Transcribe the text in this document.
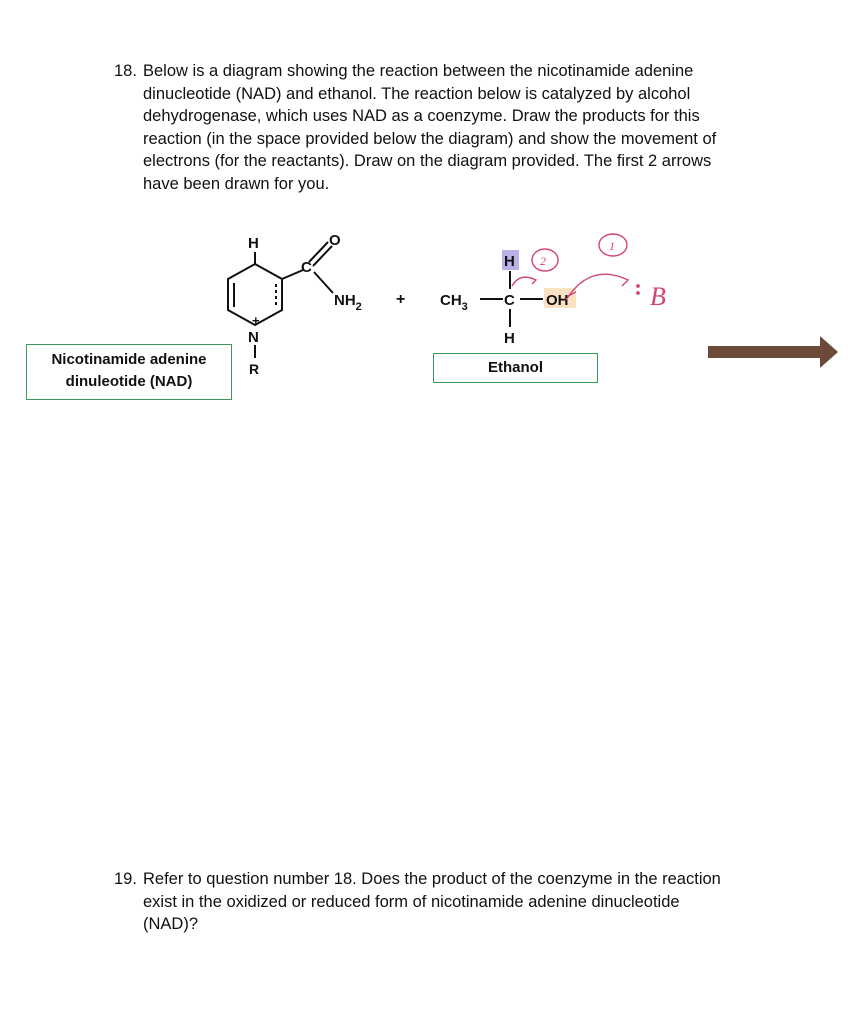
18. Below is a diagram showing the reaction between the nicotinamide adenine
dinucleotide (NAD) and ethanol. The reaction below is catalyzed by alcohol
dehydrogenase, which uses NAD as a coenzyme. Draw the products for this
reaction (in the space provided below the diagram) and show the movement of
electrons (for the reactants). Draw on the diagram provided. The first 2 arrows
have been drawn for you.
Nicotinamide adenine
dinuleotide (NAD)
Ethanol
H	O
C
$NH_2$
+
N
R
+ $CH_3$ C OH
H
H
2
1
B
19. Refer to question number 18. Does the product of the coenzyme in the reaction
exist in the oxidized or reduced form of nicotinamide adenine dinucleotide
(NAD)?
